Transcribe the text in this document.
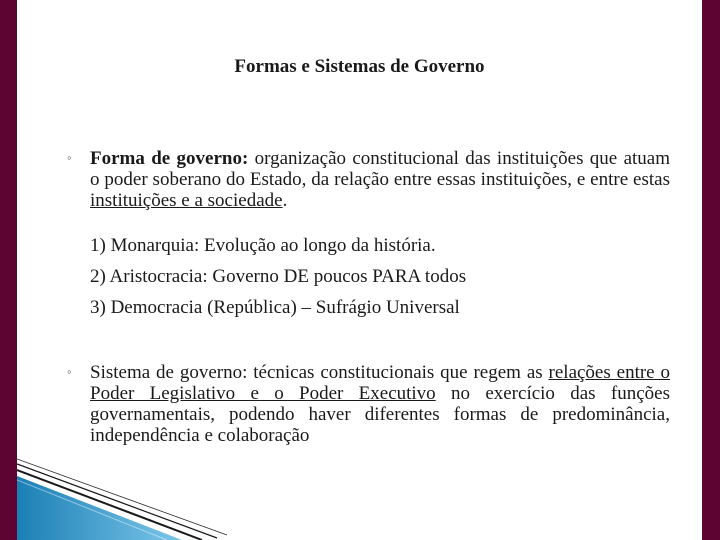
Formas e Sistemas de Governo
◦ Forma de governo: organização constitucional das instituições que atuam o poder soberano do Estado, da relação entre essas instituições, e entre estas instituições e a sociedade.
1) Monarquia: Evolução ao longo da história.
2) Aristocracia: Governo DE poucos PARA todos
3) Democracia (República) – Sufrágio Universal
◦ Sistema de governo: técnicas constitucionais que regem as relações entre o Poder Legislativo e o Poder Executivo no exercício das funções governamentais, podendo haver diferentes formas de predominância, independência e colaboração
